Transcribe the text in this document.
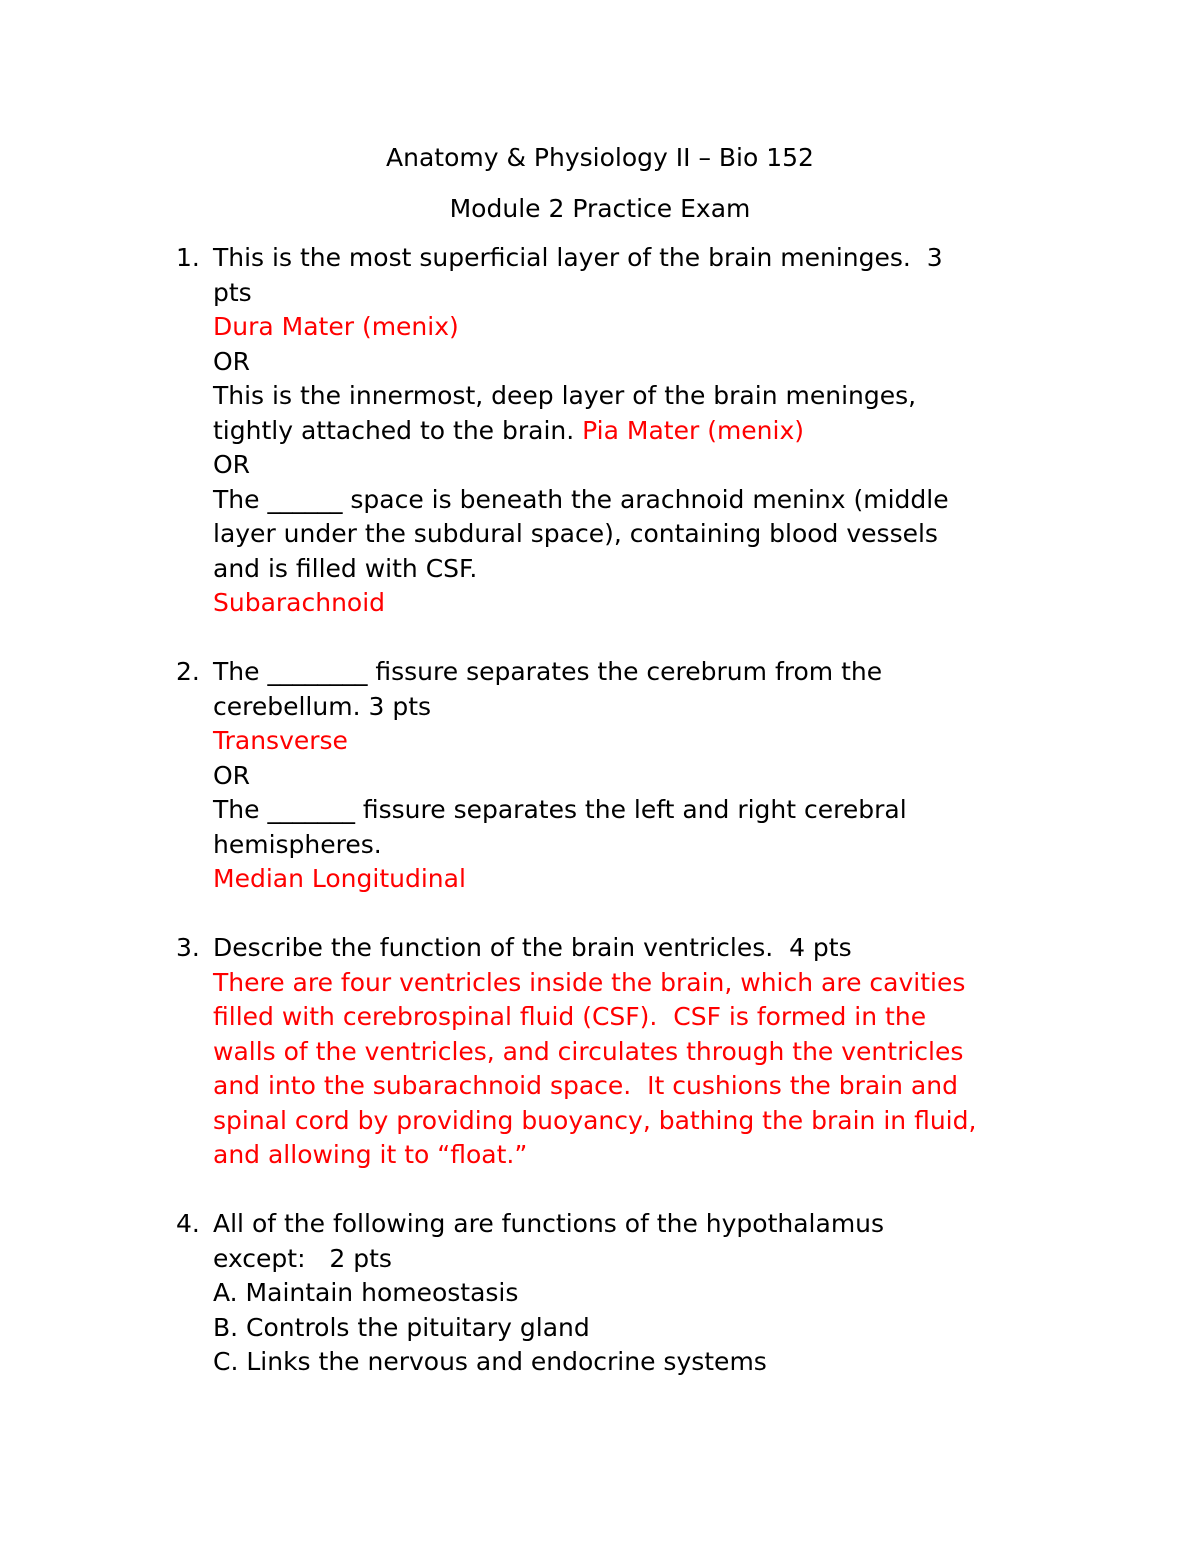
Anatomy & Physiology II – Bio 152
Module 2 Practice Exam
1. This is the most superficial layer of the brain meninges.  3
pts
Dura Mater (menix)
OR
This is the innermost, deep layer of the brain meninges,
tightly attached to the brain. Pia Mater (menix)
OR
The ______ space is beneath the arachnoid meninx (middle
layer under the subdural space), containing blood vessels
and is filled with CSF.
Subarachnoid
2. The ________ fissure separates the cerebrum from the
cerebellum. 3 pts
Transverse
OR
The _______ fissure separates the left and right cerebral
hemispheres.
Median Longitudinal
3. Describe the function of the brain ventricles.  4 pts
There are four ventricles inside the brain, which are cavities
filled with cerebrospinal fluid (CSF).  CSF is formed in the
walls of the ventricles, and circulates through the ventricles
and into the subarachnoid space.  It cushions the brain and
spinal cord by providing buoyancy, bathing the brain in fluid,
and allowing it to “float.”
4. All of the following are functions of the hypothalamus
except:   2 pts
A. Maintain homeostasis
B. Controls the pituitary gland
C. Links the nervous and endocrine systems
